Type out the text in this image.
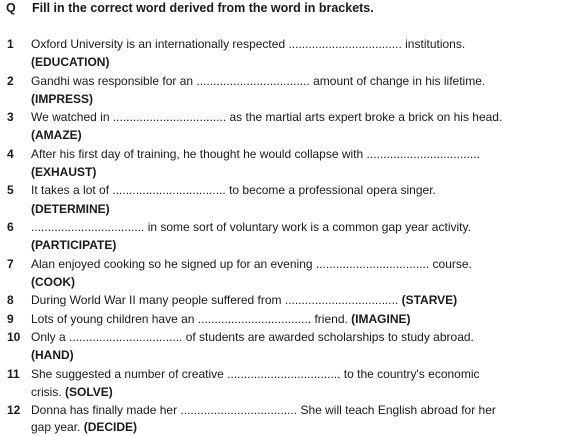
Q Fill in the correct word derived from the word in brackets.
1	Oxford University is an internationally respected .................................. institutions.
(EDUCATION)
2	Gandhi was responsible for an .................................. amount of change in his lifetime.
(IMPRESS)
3	We watched in .................................. as the martial arts expert broke a brick on his head.
(AMAZE)
4	After his first day of training, he thought he would collapse with ..................................
(EXHAUST)
5	It takes a lot of .................................. to become a professional opera singer.
(DETERMINE)
6	.................................. in some sort of voluntary work is a common gap year activity.
(PARTICIPATE)
7	Alan enjoyed cooking so he signed up for an evening .................................. course.
(COOK)
8	During World War II many people suffered from .................................. (STARVE)
9	Lots of young children have an .................................. friend. (IMAGINE)
10 Only a .................................. of students are awarded scholarships to study abroad.
(HAND)
11 She suggested a number of creative .................................. to the country's economic
crisis. (SOLVE)
12 Donna has finally made her ................................... She will teach English abroad for her
gap year. (DECIDE)
